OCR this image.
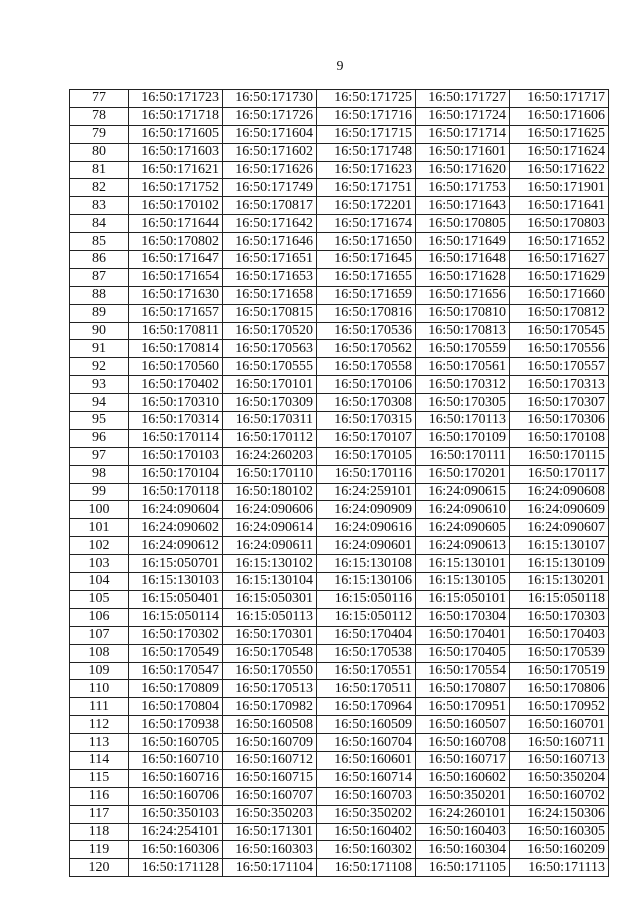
9
77	16:50:171723	16:50:171730	16:50:171725	16:50:171727	16:50:171717
78	16:50:171718	16:50:171726	16:50:171716	16:50:171724	16:50:171606
79	16:50:171605	16:50:171604	16:50:171715	16:50:171714	16:50:171625
80	16:50:171603	16:50:171602	16:50:171748	16:50:171601	16:50:171624
81	16:50:171621	16:50:171626	16:50:171623	16:50:171620	16:50:171622
82	16:50:171752	16:50:171749	16:50:171751	16:50:171753	16:50:171901
83	16:50:170102	16:50:170817	16:50:172201	16:50:171643	16:50:171641
84	16:50:171644	16:50:171642	16:50:171674	16:50:170805	16:50:170803
85	16:50:170802	16:50:171646	16:50:171650	16:50:171649	16:50:171652
86	16:50:171647	16:50:171651	16:50:171645	16:50:171648	16:50:171627
87	16:50:171654	16:50:171653	16:50:171655	16:50:171628	16:50:171629
88	16:50:171630	16:50:171658	16:50:171659	16:50:171656	16:50:171660
89	16:50:171657	16:50:170815	16:50:170816	16:50:170810	16:50:170812
90	16:50:170811	16:50:170520	16:50:170536	16:50:170813	16:50:170545
91	16:50:170814	16:50:170563	16:50:170562	16:50:170559	16:50:170556
92	16:50:170560	16:50:170555	16:50:170558	16:50:170561	16:50:170557
93	16:50:170402	16:50:170101	16:50:170106	16:50:170312	16:50:170313
94	16:50:170310	16:50:170309	16:50:170308	16:50:170305	16:50:170307
95	16:50:170314	16:50:170311	16:50:170315	16:50:170113	16:50:170306
96	16:50:170114	16:50:170112	16:50:170107	16:50:170109	16:50:170108
97	16:50:170103	16:24:260203	16:50:170105	16:50:170111	16:50:170115
98	16:50:170104	16:50:170110	16:50:170116	16:50:170201	16:50:170117
99	16:50:170118	16:50:180102	16:24:259101	16:24:090615	16:24:090608
100	16:24:090604	16:24:090606	16:24:090909	16:24:090610	16:24:090609
101	16:24:090602	16:24:090614	16:24:090616	16:24:090605	16:24:090607
102	16:24:090612	16:24:090611	16:24:090601	16:24:090613	16:15:130107
103	16:15:050701	16:15:130102	16:15:130108	16:15:130101	16:15:130109
104	16:15:130103	16:15:130104	16:15:130106	16:15:130105	16:15:130201
105	16:15:050401	16:15:050301	16:15:050116	16:15:050101	16:15:050118
106	16:15:050114	16:15:050113	16:15:050112	16:50:170304	16:50:170303
107	16:50:170302	16:50:170301	16:50:170404	16:50:170401	16:50:170403
108	16:50:170549	16:50:170548	16:50:170538	16:50:170405	16:50:170539
109	16:50:170547	16:50:170550	16:50:170551	16:50:170554	16:50:170519
110	16:50:170809	16:50:170513	16:50:170511	16:50:170807	16:50:170806
111	16:50:170804	16:50:170982	16:50:170964	16:50:170951	16:50:170952
112	16:50:170938	16:50:160508	16:50:160509	16:50:160507	16:50:160701
113	16:50:160705	16:50:160709	16:50:160704	16:50:160708	16:50:160711
114	16:50:160710	16:50:160712	16:50:160601	16:50:160717	16:50:160713
115	16:50:160716	16:50:160715	16:50:160714	16:50:160602	16:50:350204
116	16:50:160706	16:50:160707	16:50:160703	16:50:350201	16:50:160702
117	16:50:350103	16:50:350203	16:50:350202	16:24:260101	16:24:150306
118	16:24:254101	16:50:171301	16:50:160402	16:50:160403	16:50:160305
119	16:50:160306	16:50:160303	16:50:160302	16:50:160304	16:50:160209
120	16:50:171128	16:50:171104	16:50:171108	16:50:171105	16:50:171113
